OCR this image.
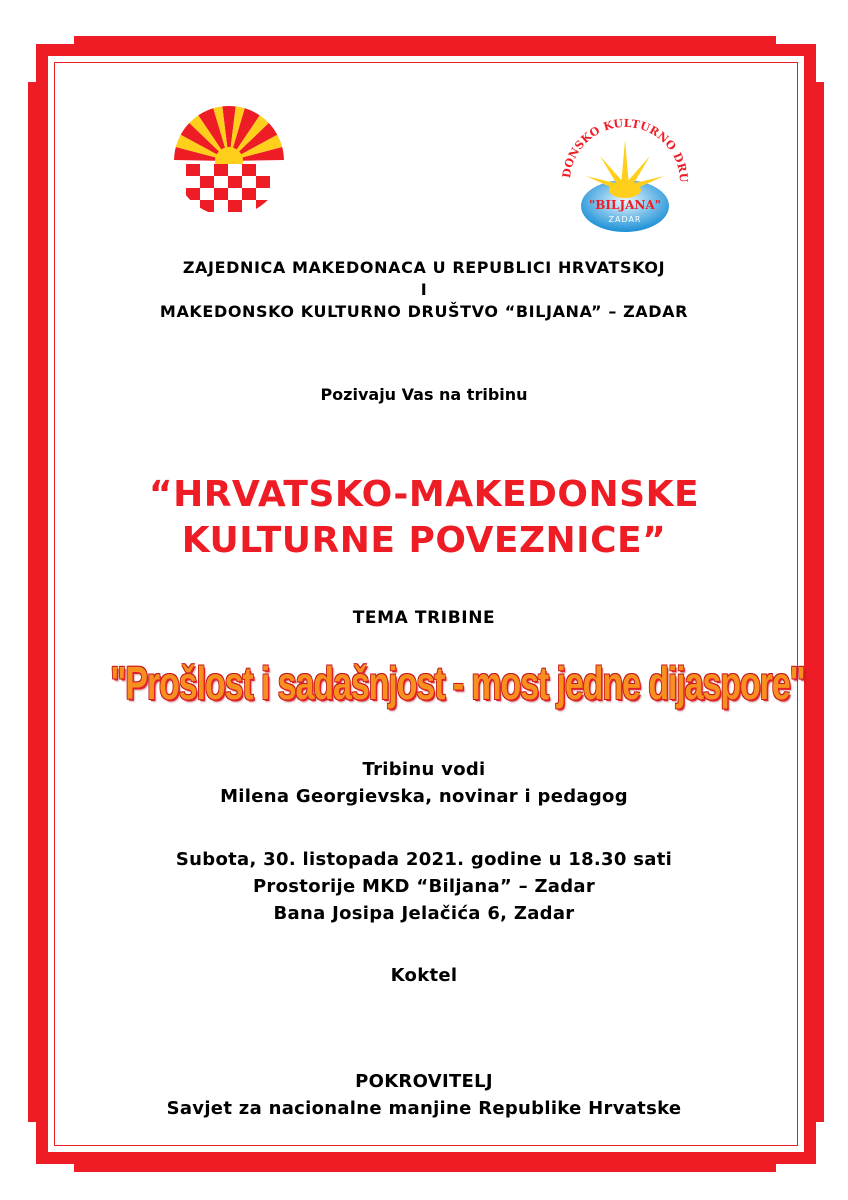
DONSKO KULTURNO DRU
"BILJANA"
ZADAR
ZAJEDNICA MAKEDONACA U REPUBLICI HRVATSKOJ
I
MAKEDONSKO KULTURNO DRUŠTVO “BILJANA” – ZADAR
Pozivaju Vas na tribinu
“HRVATSKO-MAKEDONSKE
KULTURNE POVEZNICE”
TEMA TRIBINE
"Prošlost i sadašnjost - most jedne dijaspore"
Tribinu vodi
Milena Georgievska, novinar i pedagog
Subota, 30. listopada 2021. godine u 18.30 sati
Prostorije MKD “Biljana” – Zadar
Bana Josipa Jelačića 6, Zadar
Koktel
POKROVITELJ
Savjet za nacionalne manjine Republike Hrvatske
